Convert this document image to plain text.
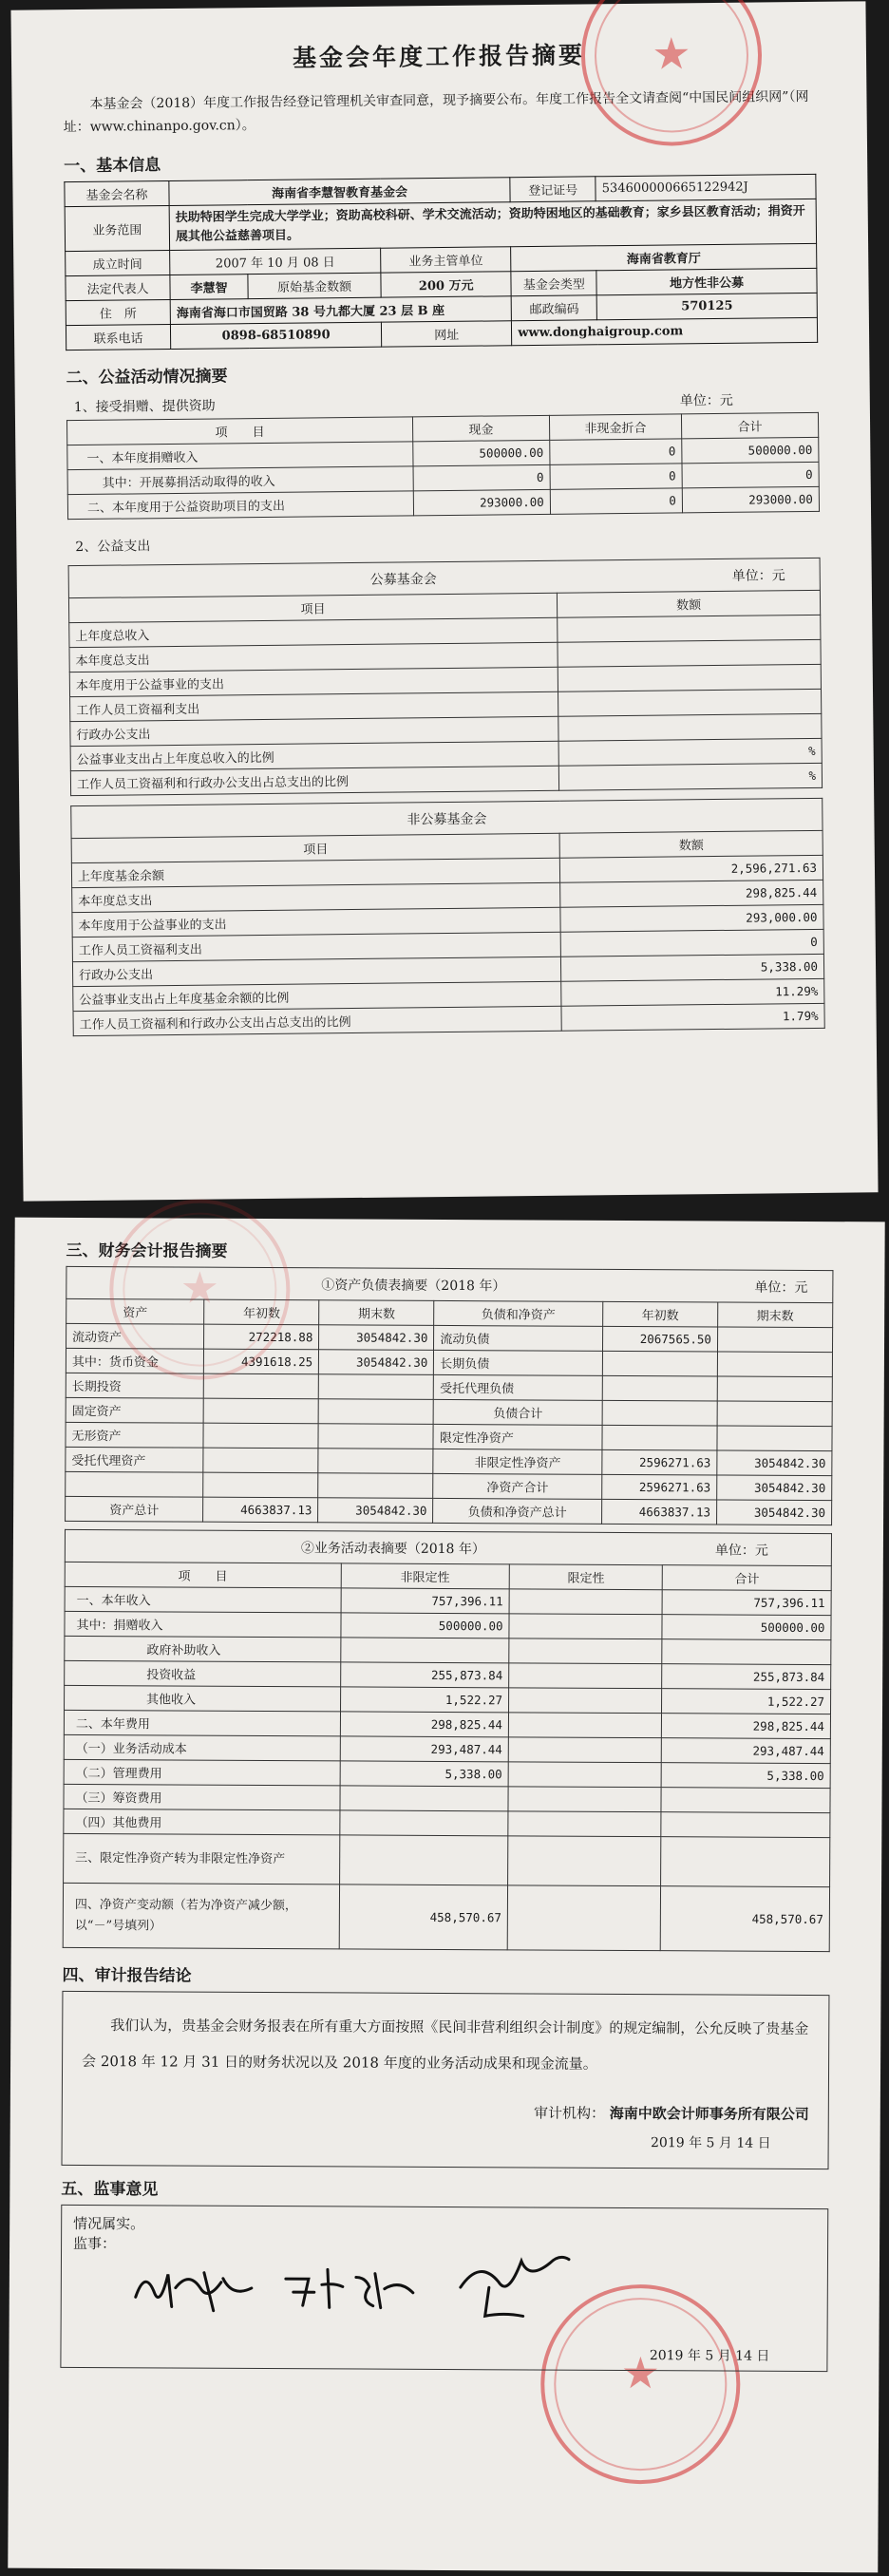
★
基金会年度工作报告摘要
本基金会（2018）年度工作报告经登记管理机关审查同意，现予摘要公布。年度工作报告全文请查阅“中国民间组织网”（网址：www.chinanpo.gov.cn）。
一、基本信息
基金会名称	海南省李慧智教育基金会			登记证号	534600000665122942J
业务范围	扶助特困学生完成大学学业；资助高校科研、学术交流活动；资助特困地区的基础教育；家乡县区教育活动；捐资开展其他公益慈善项目。				
成立时间	2007 年 10 月 08 日		业务主管单位	海南省教育厅	
法定代表人	李慧智	原始基金数额	200 万元	基金会类型	地方性非公募
住　所	海南省海口市国贸路 38 号九都大厦 23 层 B 座			邮政编码	570125
联系电话	0898-68510890		网址	www.donghaigroup.com	
二、公益活动情况摘要
1、接受捐赠、提供资助	单位：元
项　　目	现金	非现金折合	合计
一、本年度捐赠收入	500000.00	0	500000.00
其中：开展募捐活动取得的收入	0	0	0
二、本年度用于公益资助项目的支出	293000.00	0	293000.00
2、公益支出
公募基金会 单位：元	

项目	数额
上年度总收入	
本年度总支出	
本年度用于公益事业的支出	
工作人员工资福利支出	
行政办公支出	
公益事业支出占上年度总收入的比例	%
工作人员工资福利和行政办公支出占总支出的比例	%
非公募基金会	
项目	数额
上年度基金余额	2,596,271.63
本年度总支出	298,825.44
本年度用于公益事业的支出	293,000.00
工作人员工资福利支出	0
行政办公支出	5,338.00
公益事业支出占上年度基金余额的比例	11.29%
工作人员工资福利和行政办公支出占总支出的比例	1.79%
★
★
三、财务会计报告摘要
①资产负债表摘要（2018 年） 单位：元					

资产	年初数	期末数	负债和净资产	年初数	期末数
流动资产	272218.88	3054842.30	流动负债	2067565.50	
其中：货币资金	4391618.25	3054842.30	长期负债		
长期投资			受托代理负债		
固定资产			负债合计		
无形资产			限定性净资产		
受托代理资产			非限定性净资产	2596271.63	3054842.30
			净资产合计	2596271.63	3054842.30
资产总计	4663837.13	3054842.30	负债和净资产总计	4663837.13	3054842.30
②业务活动表摘要（2018 年） 单位：元			

项　　目	非限定性	限定性	合计
一、本年收入	757,396.11		757,396.11
其中：捐赠收入	500000.00		500000.00
政府补助收入			
投资收益	255,873.84		255,873.84
其他收入	1,522.27		1,522.27
二、本年费用	298,825.44		298,825.44
（一）业务活动成本	293,487.44		293,487.44
（二）管理费用	5,338.00		5,338.00
（三）筹资费用			
（四）其他费用			
三、限定性净资产转为非限定性净资产			
四、净资产变动额（若为净资产减少额，以“－”号填列）	458,570.67		458,570.67
四、审计报告结论

我们认为，贵基金会财务报表在所有重大方面按照《民间非营利组织会计制度》的规定编制，公允反映了贵基金会 2018 年 12 月 31 日的财务状况以及 2018 年度的业务活动成果和现金流量。

审计机构： 海南中欧会计师事务所有限公司
2019 年 5 月 14 日
五、监事意见
情况属实。
监事：
2019 年 5 月 14 日
